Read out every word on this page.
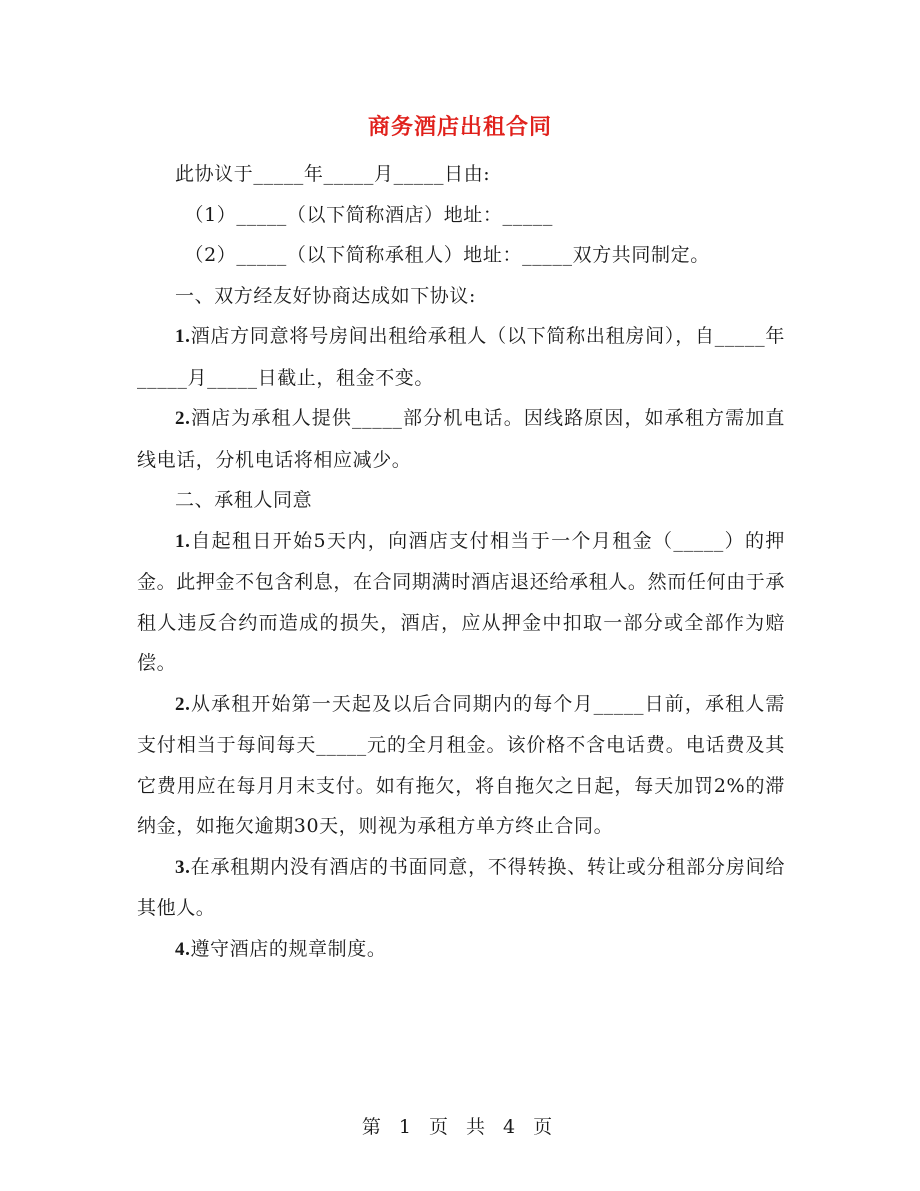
商务酒店出租合同

此协议于_____年_____月_____日由:

（1）_____（以下简称酒店）地址：_____

（2）_____（以下简称承租人）地址：_____双方共同制定。

一、双方经友好协商达成如下协议:

1.酒店方同意将号房间出租给承租人（以下简称出租房间），自_____年_____月_____日截止，租金不变。

2.酒店为承租人提供_____部分机电话。因线路原因，如承租方需加直线电话，分机电话将相应减少。

二、承租人同意

1.自起租日开始5天内，向酒店支付相当于一个月租金（_____）的押金。此押金不包含利息，在合同期满时酒店退还给承租人。然而任何由于承租人违反合约而造成的损失，酒店，应从押金中扣取一部分或全部作为赔偿。

2.从承租开始第一天起及以后合同期内的每个月_____日前，承租人需支付相当于每间每天_____元的全月租金。该价格不含电话费。电话费及其它费用应在每月月末支付。如有拖欠，将自拖欠之日起，每天加罚2%的滞纳金，如拖欠逾期30天，则视为承租方单方终止合同。

3.在承租期内没有酒店的书面同意，不得转换、转让或分租部分房间给其他人。

4.遵守酒店的规章制度。

第 1 页 共 4 页
